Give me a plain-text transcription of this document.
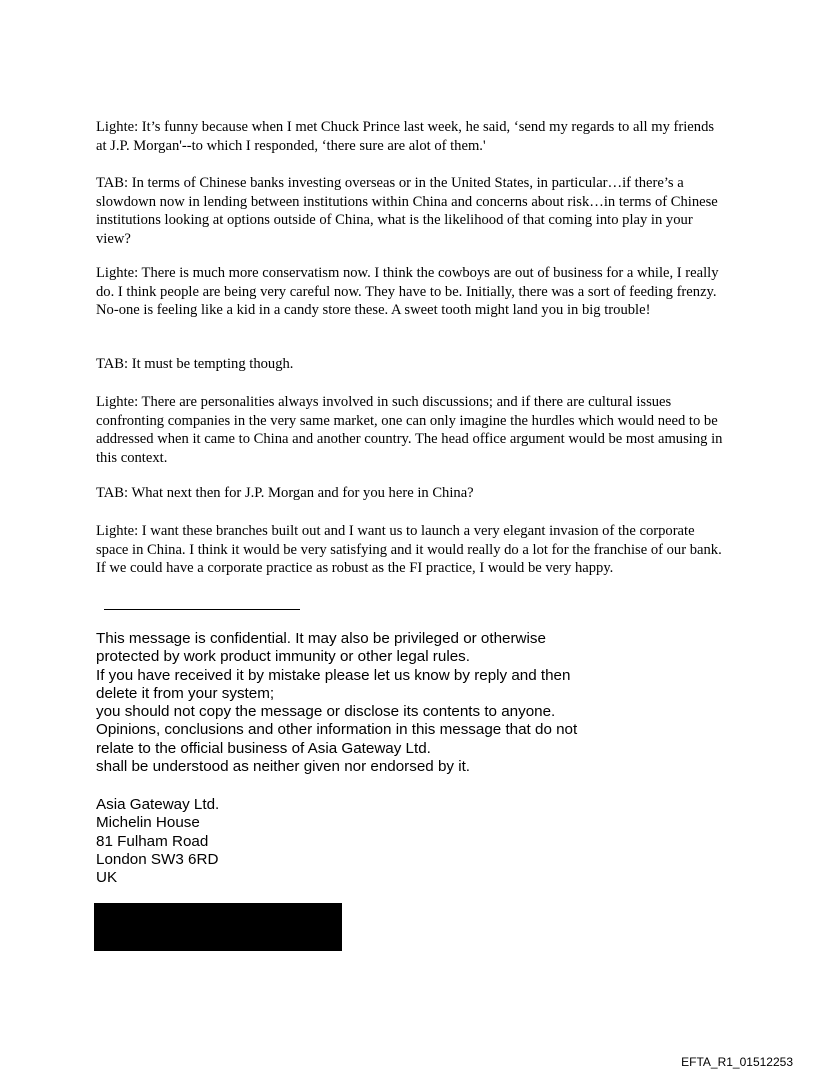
Lighte: It’s funny because when I met Chuck Prince last week, he said, ‘send my regards to all my friends at J.P. Morgan'--to which I responded, ‘there sure are alot of them.'

TAB: In terms of Chinese banks investing overseas or in the United States, in particular…if there’s a slowdown now in lending between institutions within China and concerns about risk…in terms of Chinese institutions looking at options outside of China, what is the likelihood of that coming into play in your view?

Lighte: There is much more conservatism now. I think the cowboys are out of business for a while, I really do. I think people are being very careful now. They have to be. Initially, there was a sort of feeding frenzy. No-one is feeling like a kid in a candy store these. A sweet tooth might land you in big trouble!

TAB: It must be tempting though.

Lighte: There are personalities always involved in such discussions; and if there are cultural issues confronting companies in the very same market, one can only imagine the hurdles which would need to be addressed when it came to China and another country. The head office argument would be most amusing in this context.

TAB: What next then for J.P. Morgan and for you here in China?

Lighte: I want these branches built out and I want us to launch a very elegant invasion of the corporate space in China. I think it would be very satisfying and it would really do a lot for the franchise of our bank. If we could have a corporate practice as robust as the FI practice, I would be very happy.

This message is confidential. It may also be privileged or otherwise
protected by work product immunity or other legal rules.
If you have received it by mistake please let us know by reply and then
delete it from your system;
you should not copy the message or disclose its contents to anyone.
Opinions, conclusions and other information in this message that do not
relate to the official business of Asia Gateway Ltd.
shall be understood as neither given nor endorsed by it.
Asia Gateway Ltd.
Michelin House
81 Fulham Road
London SW3 6RD
UK
EFTA_R1_01512253
